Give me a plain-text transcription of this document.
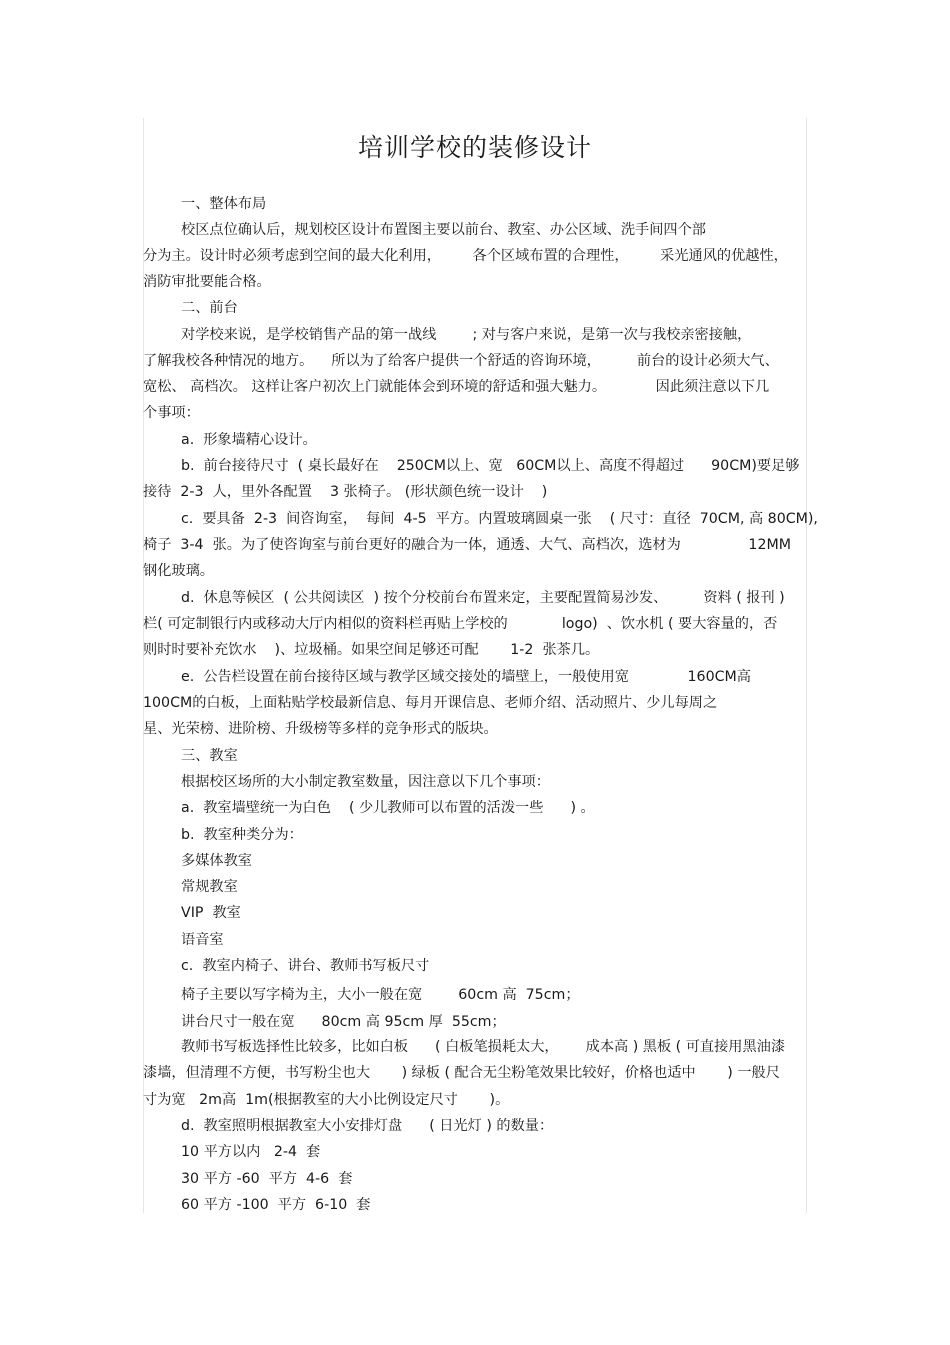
培训学校的装修设计

一、整体布局

校区点位确认后，规划校区设计布置图主要以前台、教室、办公区域、洗手间四个部

分为主。设计时必须考虑到空间的最大化利用，       各个区域布置的合理性，       采光通风的优越性，

消防审批要能合格。

二、前台

对学校来说，是学校销售产品的第一战线        ; 对与客户来说，是第一次与我校亲密接触，

了解我校各种情况的地方。    所以为了给客户提供一个舒适的咨询环境，        前台的设计必须大气、

宽松、 高档次。 这样让客户初次上门就能体会到环境的舒适和强大魅力。           因此须注意以下几

个事项：

a.  形象墙精心设计。

b.  前台接待尺寸  ( 桌长最好在    250CM以上、宽   60CM以上、高度不得超过      90CM)要足够

接待  2-3  人，里外各配置    3 张椅子。 (形状颜色统一设计    )

c.  要具备  2-3  间咨询室，  每间  4-5  平方。内置玻璃圆桌一张    ( 尺寸：直径  70CM, 高 80CM),

椅子  3-4  张。为了使咨询室与前台更好的融合为一体，通透、大气、高档次，选材为               12MM

钢化玻璃。

d.  休息等候区  ( 公共阅读区  ) 按个分校前台布置来定，主要配置简易沙发、        资料 ( 报刊 )

栏( 可定制银行内或移动大厅内相似的资料栏再贴上学校的            logo)  、饮水机 ( 要大容量的，否

则时时要补充饮水    )、垃圾桶。如果空间足够还可配       1-2  张茶几。

e.  公告栏设置在前台接待区域与教学区域交接处的墙壁上，一般使用宽             160CM高

100CM的白板，上面粘贴学校最新信息、每月开课信息、老师介绍、活动照片、少儿每周之

星、光荣榜、进阶榜、升级榜等多样的竞争形式的版块。

三、教室

根据校区场所的大小制定教室数量，因注意以下几个事项：

a.  教室墙壁统一为白色    ( 少儿教师可以布置的活泼一些      ) 。

b.  教室种类分为：

多媒体教室

常规教室

VIP  教室

语音室

c.  教室内椅子、讲台、教师书写板尺寸

椅子主要以写字椅为主，大小一般在宽        60cm 高  75cm；

讲台尺寸一般在宽      80cm 高 95cm 厚  55cm；

教师书写板选择性比较多，比如白板      ( 白板笔损耗太大，      成本高 ) 黑板 ( 可直接用黑油漆

漆墙，但清理不方便，书写粉尘也大       ) 绿板 ( 配合无尘粉笔效果比较好，价格也适中       ) 一般尺

寸为宽   2m高  1m(根据教室的大小比例设定尺寸       )。

d.  教室照明根据教室大小安排灯盘      ( 日光灯 ) 的数量：

10 平方以内   2-4  套

30 平方 -60  平方  4-6  套

60 平方 -100  平方  6-10  套
